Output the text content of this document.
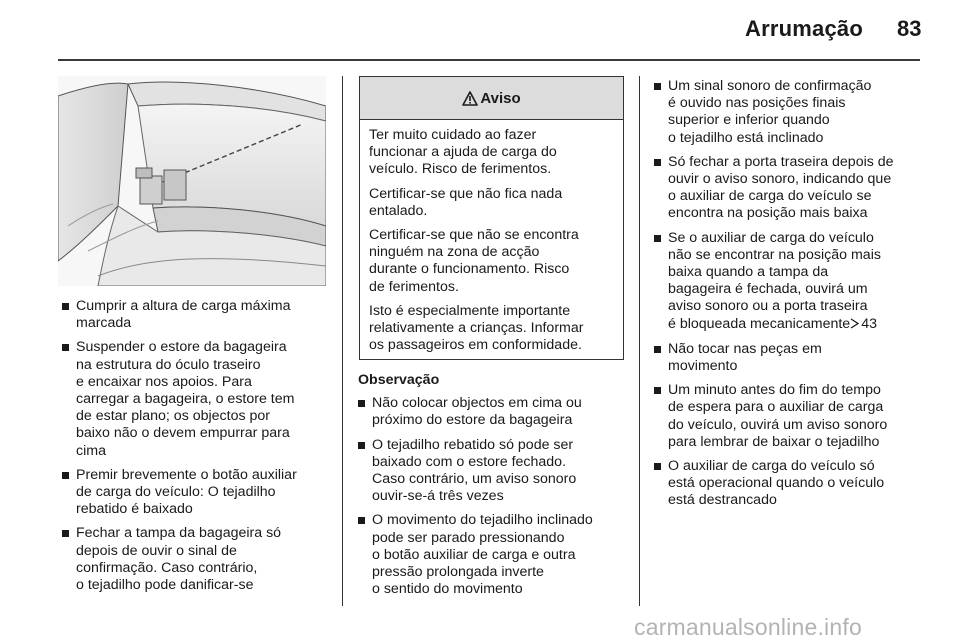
Arrumação 83
Cumprir a altura de carga máxima
marcada
Suspender o estore da bagageira
na estrutura do óculo traseiro
e encaixar nos apoios. Para
carregar a bagageira, o estore tem
de estar plano; os objectos por
baixo não o devem empurrar para
cima
Premir brevemente o botão auxiliar
de carga do veículo: O tejadilho
rebatido é baixado
Fechar a tampa da bagageira só
depois de ouvir o sinal de
confirmação. Caso contrário,
o tejadilho pode danificar-se
Aviso

Ter muito cuidado ao fazer
funcionar a ajuda de carga do
veículo. Risco de ferimentos.

Certificar-se que não fica nada
entalado.

Certificar-se que não se encontra
ninguém na zona de acção
durante o funcionamento. Risco
de ferimentos.

Isto é especialmente importante
relativamente a crianças. Informar
os passageiros em conformidade.

Observação
Não colocar objectos em cima ou
próximo do estore da bagageira
O tejadilho rebatido só pode ser
baixado com o estore fechado.
Caso contrário, um aviso sonoro
ouvir-se-á três vezes
O movimento do tejadilho inclinado
pode ser parado pressionando
o botão auxiliar de carga e outra
pressão prolongada inverte
o sentido do movimento
Um sinal sonoro de confirmação
é ouvido nas posições finais
superior e inferior quando
o tejadilho está inclinado
Só fechar a porta traseira depois de
ouvir o aviso sonoro, indicando que
o auxiliar de carga do veículo se
encontra na posição mais baixa
Se o auxiliar de carga do veículo
não se encontrar na posição mais
baixa quando a tampa da
bagageira é fechada, ouvirá um
aviso sonoro ou a porta traseira
é bloqueada mecanicamente 43
Não tocar nas peças em
movimento
Um minuto antes do fim do tempo
de espera para o auxiliar de carga
do veículo, ouvirá um aviso sonoro
para lembrar de baixar o tejadilho
O auxiliar de carga do veículo só
está operacional quando o veículo
está destrancado
carmanualsonline.info
